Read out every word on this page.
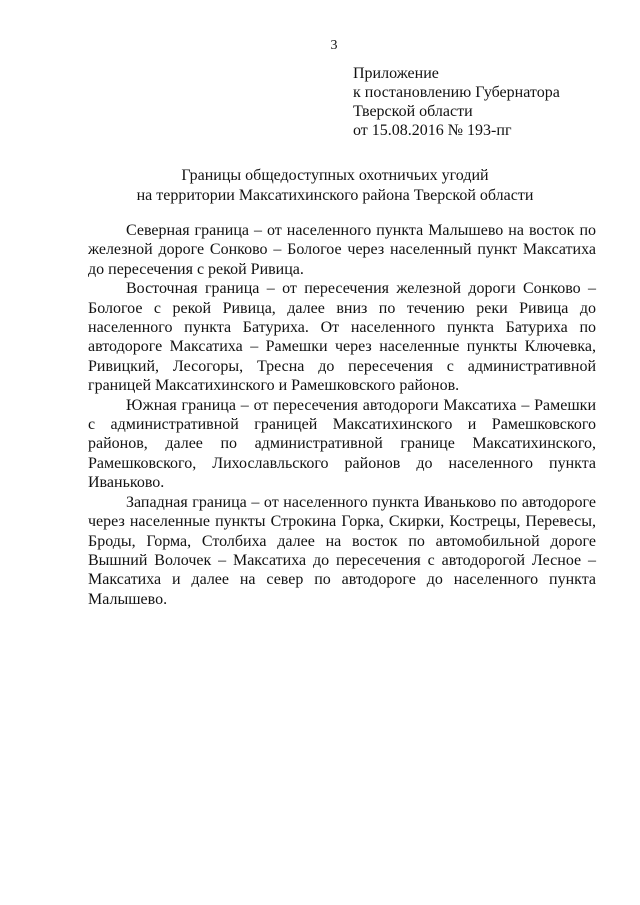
3
Приложение
к постановлению Губернатора
Тверской области
от 15.08.2016 № 193-пг
Границы общедоступных охотничьих угодий
на территории Максатихинского района Тверской области

Северная граница – от населенного пункта Малышево на восток по железной дороге Сонково – Бологое через населенный пункт Максатиха до пересечения с рекой Ривица.

Восточная граница – от пересечения железной дороги Сонково – Бологое с рекой Ривица, далее вниз по течению реки Ривица до населенного пункта Батуриха. От населенного пункта Батуриха по автодороге Максатиха – Рамешки через населенные пункты Ключевка, Ривицкий, Лесогоры, Тресна до пересечения с административной границей Максатихинского и Рамешковского районов.

Южная граница – от пересечения автодороги Максатиха – Рамешки с административной границей Максатихинского и Рамешковского районов, далее по административной границе Максатихинского, Рамешковского, Лихославльского районов до населенного пункта Иваньково.

Западная граница – от населенного пункта Иваньково по автодороге через населенные пункты Строкина Горка, Скирки, Кострецы, Перевесы, Броды, Горма, Столбиха далее на восток по автомобильной дороге Вышний Волочек – Максатиха до пересечения с автодорогой Лесное – Максатиха и далее на север по автодороге до населенного пункта Малышево.
